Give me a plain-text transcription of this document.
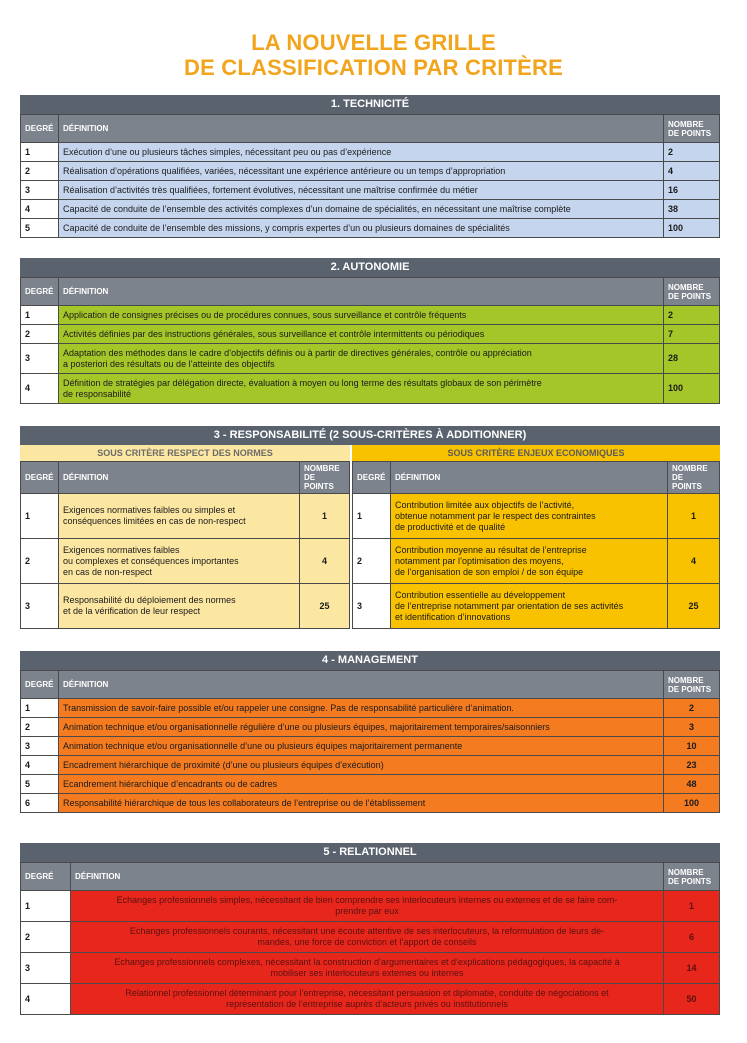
LA NOUVELLE GRILLE
DE CLASSIFICATION PAR CRITÈRE
1. TECHNICITÉ
DEGRÉ	DÉFINITION	NOMBRE
DE POINTS
1	Exécution d’une ou plusieurs tâches simples, nécessitant peu ou pas d’expérience	2
2	Réalisation d’opérations qualifiées, variées, nécessitant une expérience antérieure ou un temps d’appropriation	4
3	Réalisation d’activités très qualifiées, fortement évolutives, nécessitant une maîtrise confirmée du métier	16
4	Capacité de conduite de l’ensemble des activités complexes d’un domaine de spécialités, en nécessitant une maîtrise complète	38
5	Capacité de conduite de l’ensemble des missions, y compris expertes d’un ou plusieurs domaines de spécialités	100
2. AUTONOMIE
DEGRÉ	DÉFINITION	NOMBRE
DE POINTS
1	Application de consignes précises ou de procédures connues, sous surveillance et contrôle fréquents	2
2	Activités définies par des instructions générales, sous surveillance et contrôle intermittents ou périodiques	7
3	Adaptation des méthodes dans le cadre d’objectifs définis ou à partir de directives générales, contrôle ou appréciation
a posteriori des résultats ou de l’atteinte des objectifs	28
4	Définition de stratégies par délégation directe, évaluation à moyen ou long terme des résultats globaux de son périmètre
de responsabilité	100
3 - RESPONSABILITÉ (2 SOUS-CRITÈRES À ADDITIONNER)
SOUS CRITÈRE RESPECT DES NORMES
DEGRÉ	DÉFINITION	NOMBRE
DE POINTS
1	Exigences normatives faibles ou simples et
conséquences limitées en cas de non-respect	1
2	Exigences normatives faibles
ou complexes et conséquences importantes
en cas de non-respect	4
3	Responsabilité du déploiement des normes
et de la vérification de leur respect	25
SOUS CRITÈRE ENJEUX ECONOMIQUES
DEGRÉ	DÉFINITION	NOMBRE
DE POINTS
1	Contribution limitée aux objectifs de l’activité,
obtenue notamment par le respect des contraintes
de productivité et de qualité	1
2	Contribution moyenne au résultat de l’entreprise
notamment par l’optimisation des moyens,
de l’organisation de son emploi / de son équipe	4
3	Contribution essentielle au développement
de l’entreprise notamment par orientation de ses activités
et identification d’innovations	25
4 - MANAGEMENT
DEGRÉ	DÉFINITION	NOMBRE
DE POINTS
1	Transmission de savoir-faire possible et/ou rappeler une consigne. Pas de responsabilité particulière d’animation.	2
2	Animation technique et/ou organisationnelle régulière d’une ou plusieurs équipes, majoritairement temporaires/saisonniers	3
3	Animation technique et/ou organisationnelle d’une ou plusieurs équipes majoritairement permanente	10
4	Encadrement hiérarchique de proximité (d’une ou plusieurs équipes d’exécution)	23
5	Ecandrement hiérarchique d’encadrants ou de cadres	48
6	Responsabilité hiérarchique de tous les collaborateurs de l’entreprise ou de l’établissement	100
5 - RELATIONNEL
DEGRÉ	DÉFINITION	NOMBRE
DE POINTS
1	Echanges professionnels simples, nécessitant de bien comprendre ses interlocuteurs internes ou externes et de se faire com-
prendre par eux	1
2	Echanges professionnels courants, nécessitant une écoute attentive de ses interlocuteurs, la reformulation de leurs de-
mandes, une force de conviction et l’apport de conseils	6
3	Echanges professionnels complexes, nécessitant la construction d’argumentaires et d’explications pédagogiques, la capacité à
mobiliser ses interlocuteurs externes ou internes	14
4	Relationnel professionnel déterminant pour l’entreprise, nécessitant persuasion et diplomatie, conduite de négociations et
représentation de l’entreprise auprès d’acteurs privés ou institutionnels	50
